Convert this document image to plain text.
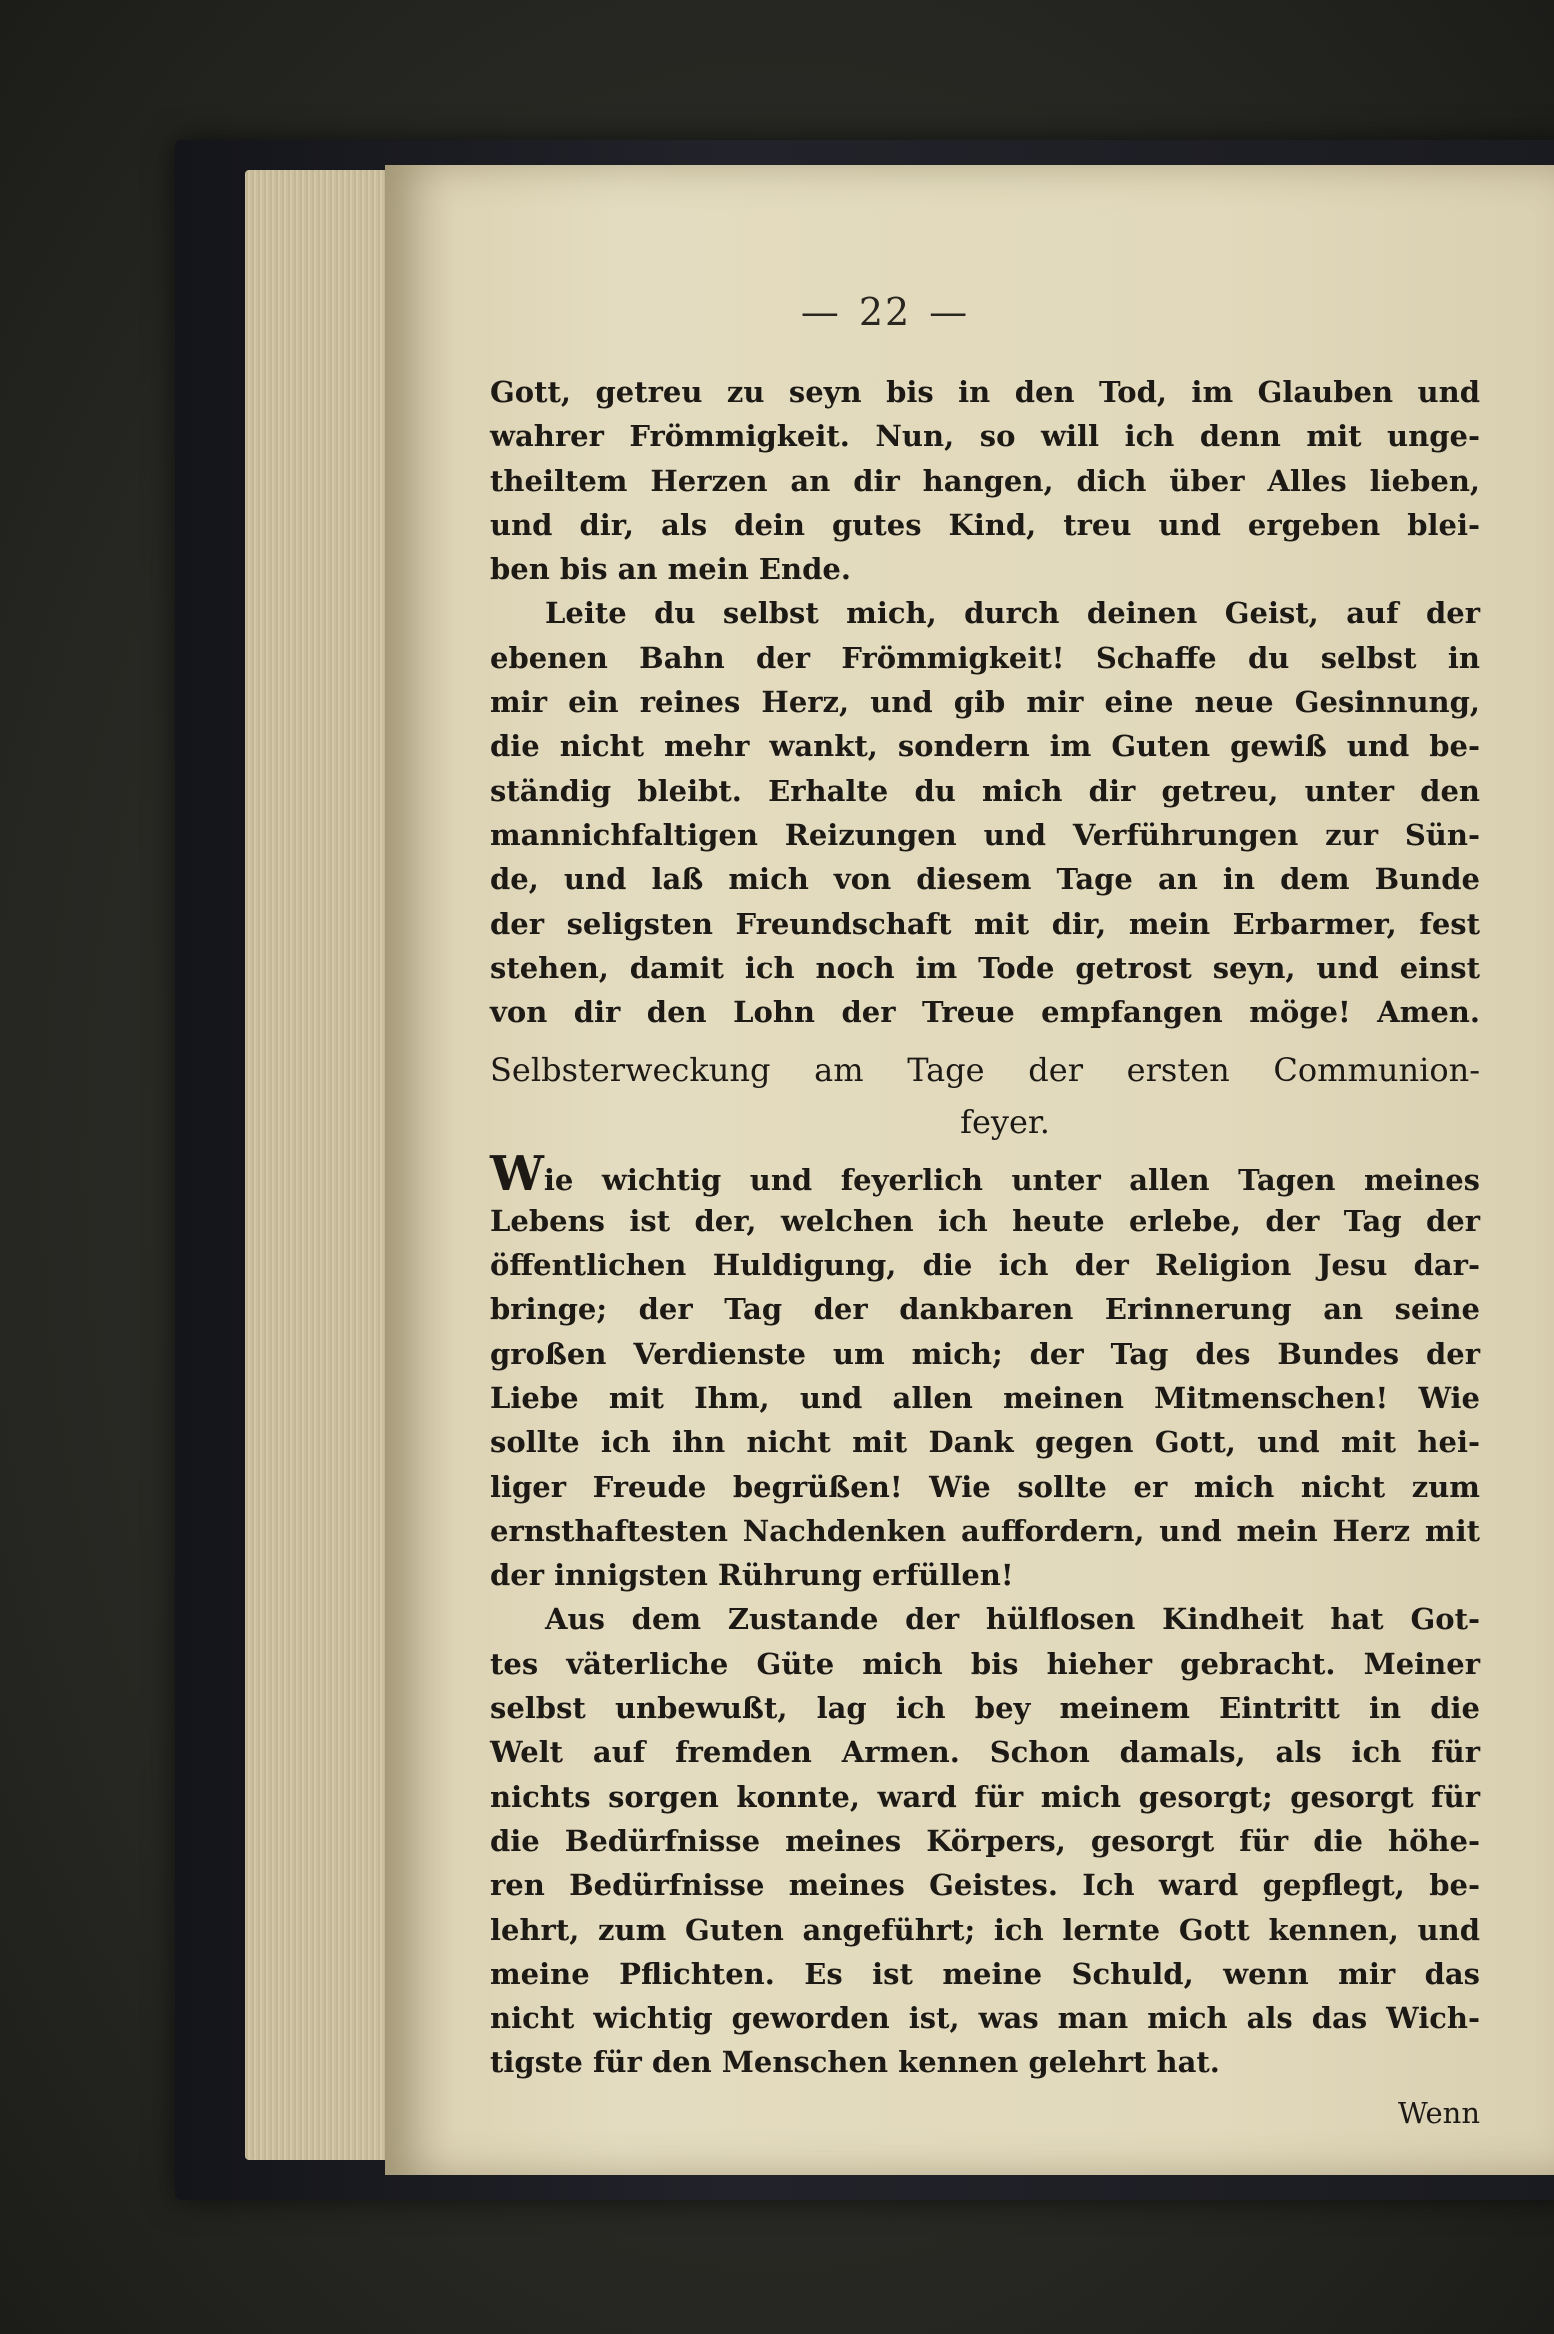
— 22 —
Gott, getreu zu seyn bis in den Tod, im Glauben und
wahrer Frömmigkeit. Nun, so will ich denn mit unge-
theiltem Herzen an dir hangen, dich über Alles lieben,
und dir, als dein gutes Kind, treu und ergeben blei-
ben bis an mein Ende.
Leite du selbst mich, durch deinen Geist, auf der
ebenen Bahn der Frömmigkeit! Schaffe du selbst in
mir ein reines Herz, und gib mir eine neue Gesinnung,
die nicht mehr wankt, sondern im Guten gewiß und be-
ständig bleibt. Erhalte du mich dir getreu, unter den
mannichfaltigen Reizungen und Verführungen zur Sün-
de, und laß mich von diesem Tage an in dem Bunde
der seligsten Freundschaft mit dir, mein Erbarmer, fest
stehen, damit ich noch im Tode getrost seyn, und einst
von dir den Lohn der Treue empfangen möge! Amen.
Selbsterweckung am Tage der ersten Communion-
feyer.
Wie wichtig und feyerlich unter allen Tagen meines
Lebens ist der, welchen ich heute erlebe, der Tag der
öffentlichen Huldigung, die ich der Religion Jesu dar-
bringe; der Tag der dankbaren Erinnerung an seine
großen Verdienste um mich; der Tag des Bundes der
Liebe mit Ihm, und allen meinen Mitmenschen! Wie
sollte ich ihn nicht mit Dank gegen Gott, und mit hei-
liger Freude begrüßen! Wie sollte er mich nicht zum
ernsthaftesten Nachdenken auffordern, und mein Herz mit
der innigsten Rührung erfüllen!
Aus dem Zustande der hülflosen Kindheit hat Got-
tes väterliche Güte mich bis hieher gebracht. Meiner
selbst unbewußt, lag ich bey meinem Eintritt in die
Welt auf fremden Armen. Schon damals, als ich für
nichts sorgen konnte, ward für mich gesorgt; gesorgt für
die Bedürfnisse meines Körpers, gesorgt für die höhe-
ren Bedürfnisse meines Geistes. Ich ward gepflegt, be-
lehrt, zum Guten angeführt; ich lernte Gott kennen, und
meine Pflichten. Es ist meine Schuld, wenn mir das
nicht wichtig geworden ist, was man mich als das Wich-
tigste für den Menschen kennen gelehrt hat.
Wenn
